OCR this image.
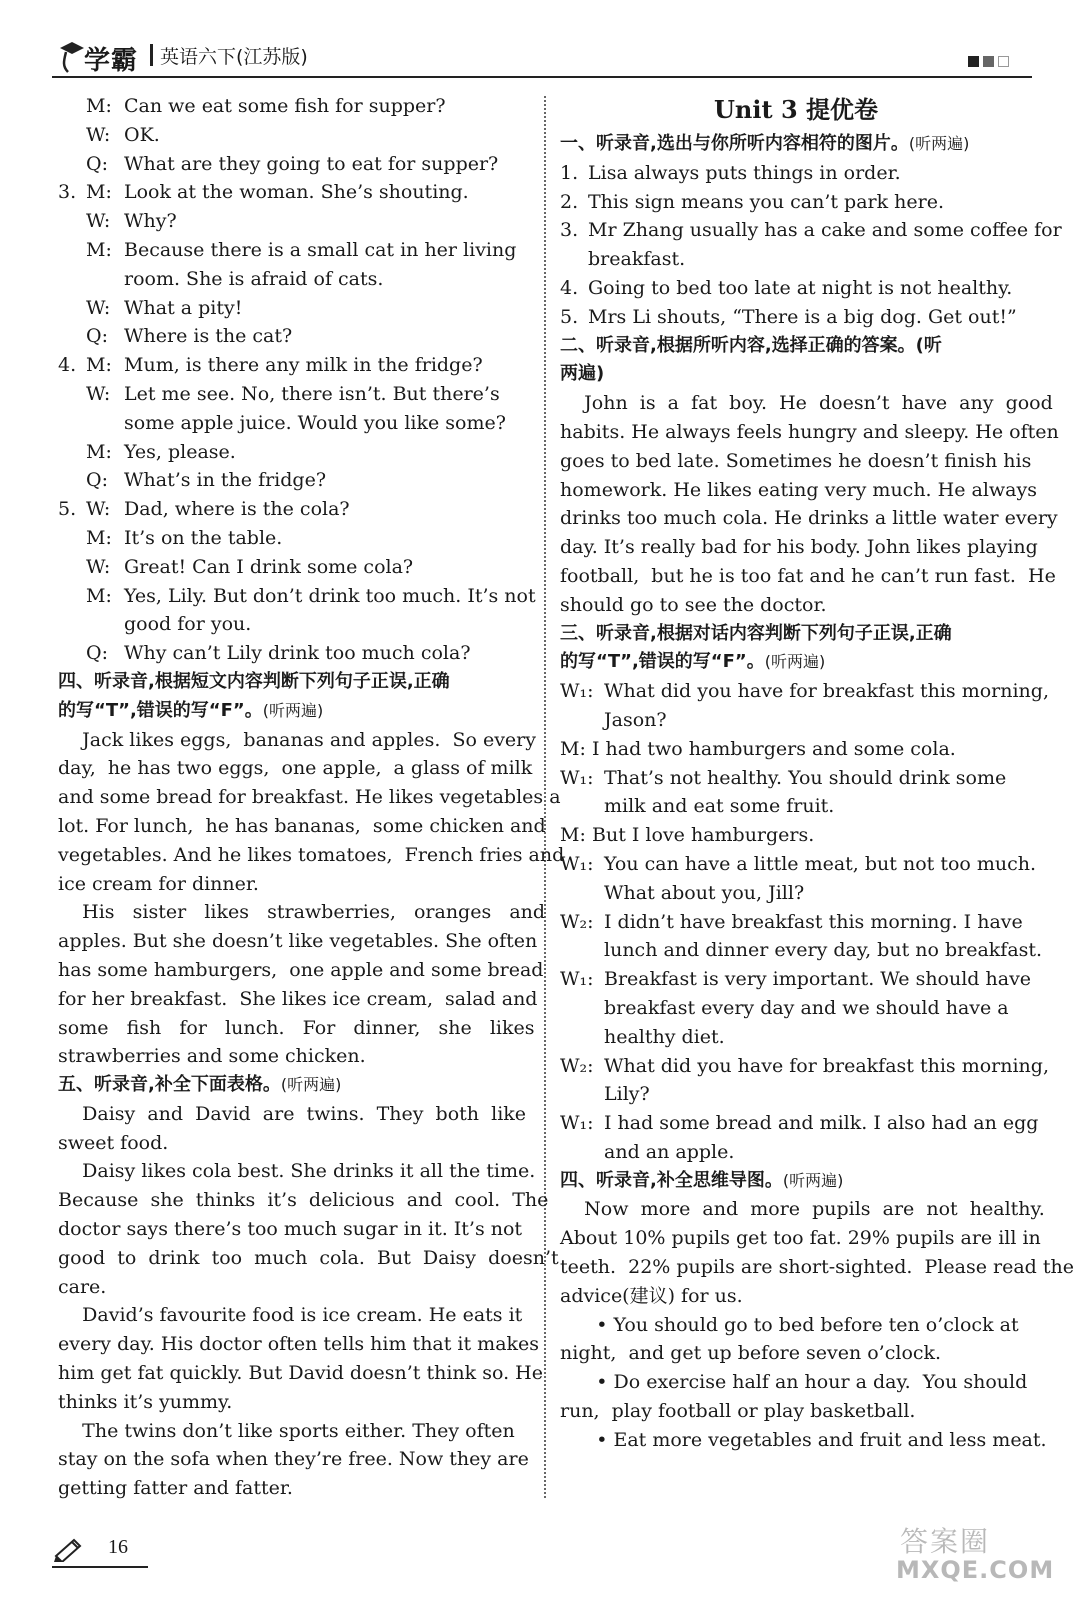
学霸 英语六下(江苏版)
M: Can we eat some fish for supper?
W: OK.
Q: What are they going to eat for supper?
3. M: Look at the woman. She’s shouting.
W: Why?
M: Because there is a small cat in her living
room. She is afraid of cats.
W: What a pity!
Q: Where is the cat?
4. M: Mum, is there any milk in the fridge?
W: Let me see. No, there isn’t. But there’s
some apple juice. Would you like some?
M: Yes, please.
Q: What’s in the fridge?
5. W: Dad, where is the cola?
M: It’s on the table.
W: Great! Can I drink some cola?
M: Yes, Lily. But don’t drink too much. It’s not
good for you.
Q: Why can’t Lily drink too much cola?
四、听录音,根据短文内容判断下列句子正误,正确
的写“T”,错误的写“F”。(听两遍)
Jack likes eggs,  bananas and apples.  So every
day,  he has two eggs,  one apple,  a glass of milk
and some bread for breakfast. He likes vegetables a
lot. For lunch,  he has bananas,  some chicken and
vegetables. And he likes tomatoes,  French fries and
ice cream for dinner.
His   sister   likes   strawberries,   oranges   and
apples. But she doesn’t like vegetables. She often
has some hamburgers,  one apple and some bread
for her breakfast.  She likes ice cream,  salad and
some   fish   for   lunch.   For   dinner,   she   likes
strawberries and some chicken.
五、听录音,补全下面表格。(听两遍)
Daisy  and  David  are  twins.  They  both  like
sweet food.
Daisy likes cola best. She drinks it all the time.
Because  she  thinks  it’s  delicious  and  cool.  The
doctor says there’s too much sugar in it. It’s not
good  to  drink  too  much  cola.  But  Daisy  doesn’t
care.
David’s favourite food is ice cream. He eats it
every day. His doctor often tells him that it makes
him get fat quickly. But David doesn’t think so. He
thinks it’s yummy.
The twins don’t like sports either. They often
stay on the sofa when they’re free. Now they are
getting fatter and fatter.
Unit 3 提优卷
一、听录音,选出与你所听内容相符的图片。(听两遍)
1. Lisa always puts things in order.
2. This sign means you can’t park here.
3. Mr Zhang usually has a cake and some coffee for
breakfast.
4. Going to bed too late at night is not healthy.
5. Mrs Li shouts, “There is a big dog. Get out!”
二、听录音,根据所听内容,选择正确的答案。(听
两遍)
John  is  a  fat  boy.  He  doesn’t  have  any  good
habits. He always feels hungry and sleepy. He often
goes to bed late. Sometimes he doesn’t finish his
homework. He likes eating very much. He always
drinks too much cola. He drinks a little water every
day. It’s really bad for his body. John likes playing
football,  but he is too fat and he can’t run fast.  He
should go to see the doctor.
三、听录音,根据对话内容判断下列句子正误,正确
的写“T”,错误的写“F”。(听两遍)
W₁: What did you have for breakfast this morning,
Jason?
M: I had two hamburgers and some cola.
W₁: That’s not healthy. You should drink some
milk and eat some fruit.
M: But I love hamburgers.
W₁: You can have a little meat, but not too much.
What about you, Jill?
W₂: I didn’t have breakfast this morning. I have
lunch and dinner every day, but no breakfast.
W₁: Breakfast is very important. We should have
breakfast every day and we should have a
healthy diet.
W₂: What did you have for breakfast this morning,
Lily?
W₁: I had some bread and milk. I also had an egg
and an apple.
四、听录音,补全思维导图。(听两遍)
Now  more  and  more  pupils  are  not  healthy.
About 10% pupils get too fat. 29% pupils are ill in
teeth.  22% pupils are short-sighted.  Please read the
advice(建议) for us.
• You should go to bed before ten o’clock at
night,  and get up before seven o’clock.
• Do exercise half an hour a day.  You should
run,  play football or play basketball.
• Eat more vegetables and fruit and less meat.
16	答案圈
MXQE.COM
